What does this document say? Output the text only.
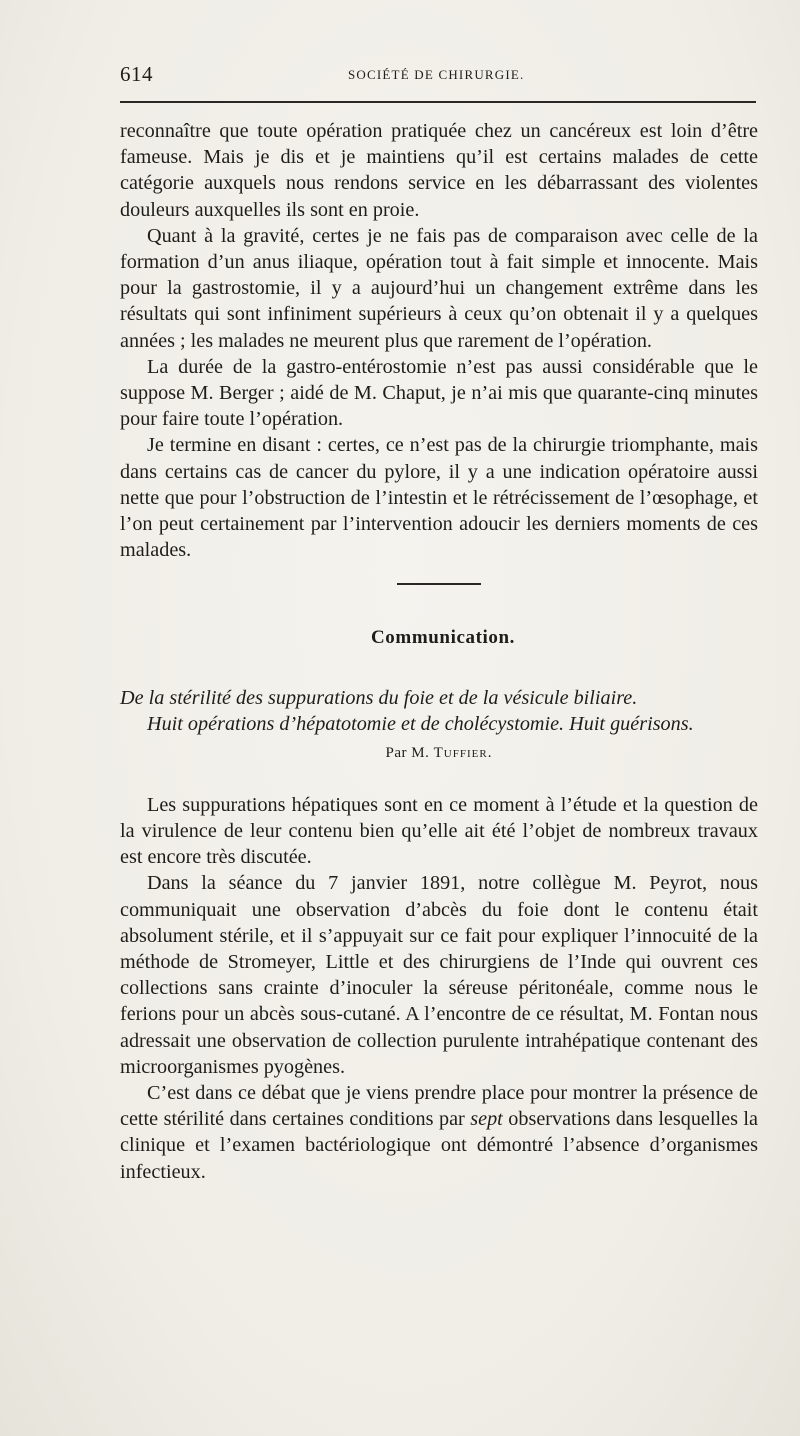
614	SOCIÉTÉ DE CHIRURGIE.

reconnaître que toute opération pratiquée chez un cancéreux est loin d’être fameuse. Mais je dis et je maintiens qu’il est certains malades de cette catégorie auxquels nous rendons service en les débarrassant des violentes douleurs auxquelles ils sont en proie.

Quant à la gravité, certes je ne fais pas de comparaison avec celle de la formation d’un anus iliaque, opération tout à fait simple et innocente. Mais pour la gastrostomie, il y a aujourd’hui un changement extrême dans les résultats qui sont infiniment supérieurs à ceux qu’on obtenait il y a quelques années ; les malades ne meurent plus que rarement de l’opération.

La durée de la gastro-entérostomie n’est pas aussi considérable que le suppose M. Berger ; aidé de M. Chaput, je n’ai mis que quarante-cinq minutes pour faire toute l’opération.

Je termine en disant : certes, ce n’est pas de la chirurgie triomphante, mais dans certains cas de cancer du pylore, il y a une indication opératoire aussi nette que pour l’obstruction de l’intestin et le rétrécissement de l’œsophage, et l’on peut certainement par l’intervention adoucir les derniers moments de ces malades.

Communication.
De la stérilité des suppurations du foie et de la vésicule biliaire.
Huit opérations d’hépatotomie et de cholécystomie. Huit guérisons.
Par M. Tuffier.

Les suppurations hépatiques sont en ce moment à l’étude et la question de la virulence de leur contenu bien qu’elle ait été l’objet de nombreux travaux est encore très discutée.

Dans la séance du 7 janvier 1891, notre collègue M. Peyrot, nous communiquait une observation d’abcès du foie dont le contenu était absolument stérile, et il s’appuyait sur ce fait pour expliquer l’innocuité de la méthode de Stromeyer, Little et des chirurgiens de l’Inde qui ouvrent ces collections sans crainte d’inoculer la séreuse péritonéale, comme nous le ferions pour un abcès sous-cutané. A l’encontre de ce résultat, M. Fontan nous adressait une observation de collection purulente intrahépatique contenant des microorganismes pyogènes.

C’est dans ce débat que je viens prendre place pour montrer la présence de cette stérilité dans certaines conditions par sept observations dans lesquelles la clinique et l’examen bactériologique ont démontré l’absence d’organismes infectieux.
